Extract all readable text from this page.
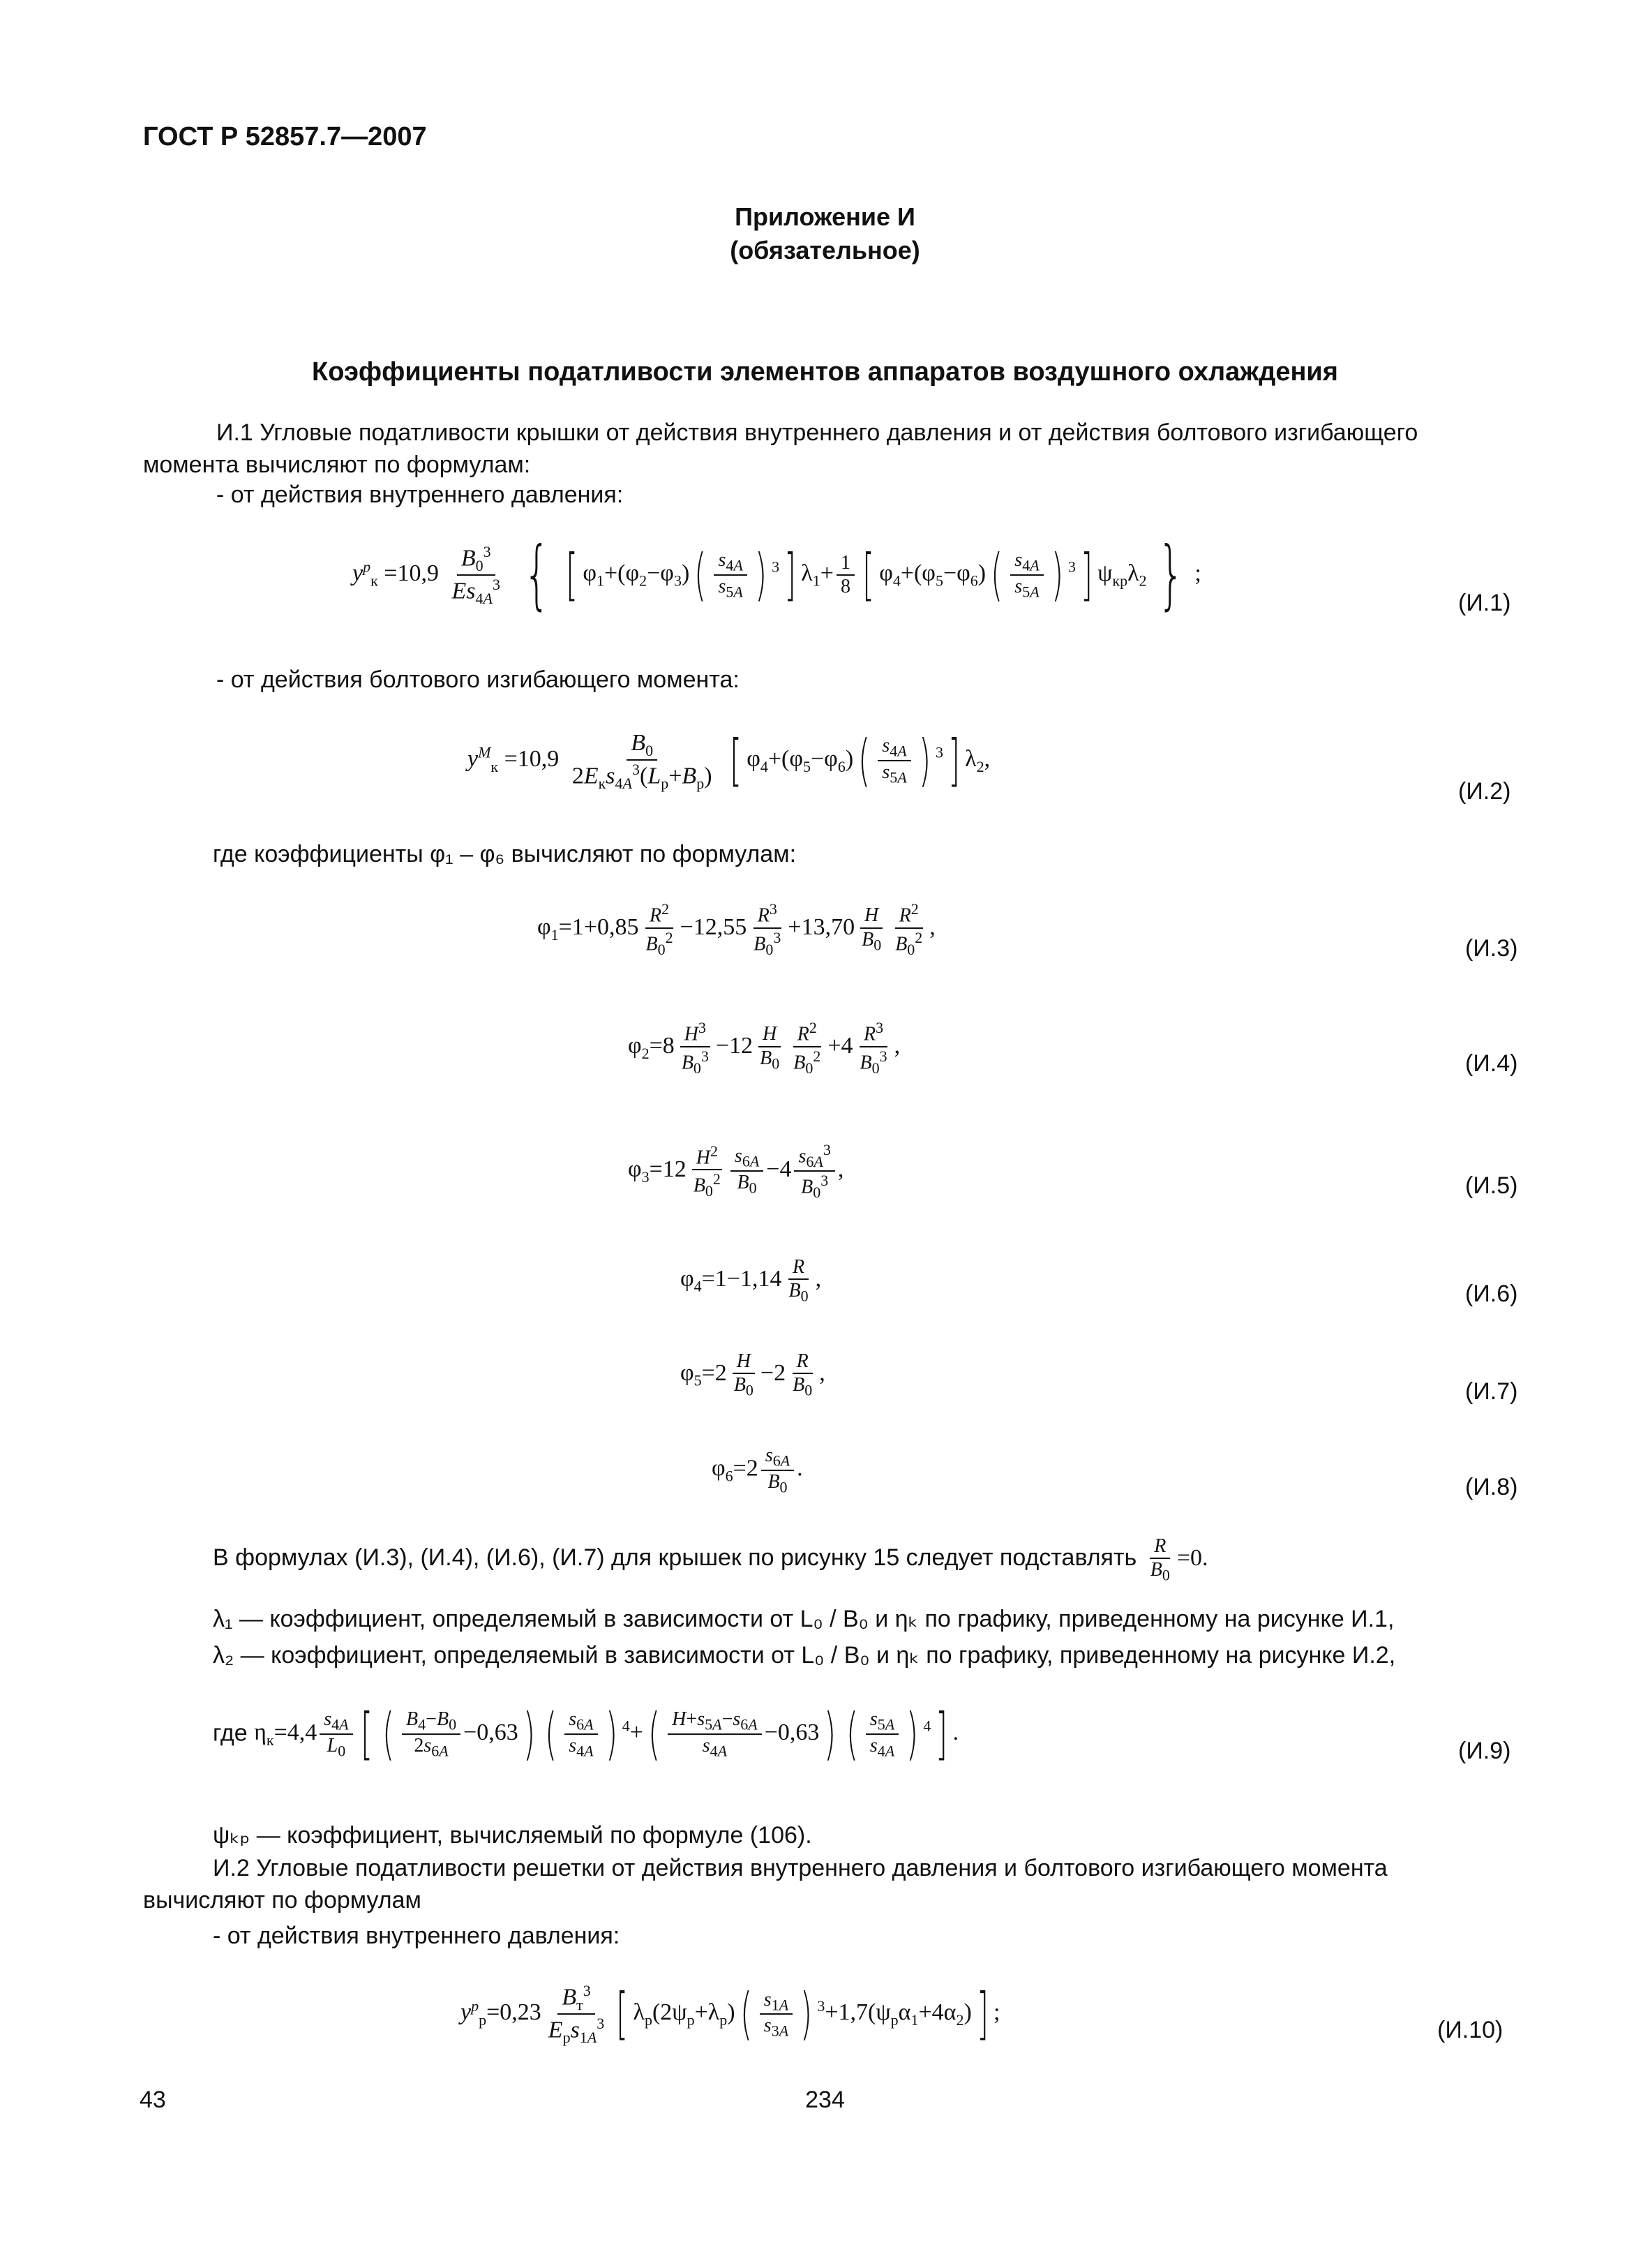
ГОСТ Р 52857.7—2007
Приложение И
(обязательное)
Коэффициенты податливости элементов аппаратов воздушного охлаждения
И.1 Угловые податливости крышки от действия внутреннего давления и от действия болтового изгибающего момента вычисляют по формулам:
- от действия внутреннего давления:
$y^p_к =10,9 \frac{B_0^3}{Es_{4A}^3}$ { [ $\varphi_1+(\varphi_2-\varphi_3)( \frac{s_{4A}}{s_{5A}}$ ) $^3$] $\lambda_1+ \frac{1}{8}$ [ $\varphi_4+(\varphi_5-\varphi_6)( \frac{s_{4A}}{s_{5A}}$ ) $^3$] $\psi_{кр}\lambda_2$ } ;
(И.1)
- от действия болтового изгибающего момента:
$y^M_к =10,9 \frac{B_0}{2E_кs_{4A}^3(L_p+B_p)}$ [ $\varphi_4+(\varphi_5-\varphi_6)( \frac{s_{4A}}{s_{5A}}$ ) $^3$] $\lambda_2$,
(И.2)
где коэффициенты φ₁ – φ₆ вычисляют по формулам:
$\varphi_1=1+0,85 \frac{R^2}{B_0^2} -12,55 \frac{R^3}{B_0^3} +13,70 \frac{H}{B_0} \frac{R^2}{B_0^2}$ ,
(И.3)
$\varphi_2=8 \frac{H^3}{B_0^3} -12 \frac{H}{B_0} \frac{R^2}{B_0^2} +4 \frac{R^3}{B_0^3}$ ,
(И.4)
$\varphi_3=12 \frac{H^2}{B_0^2} \frac{s_{6A}}{B_0} -4 \frac{s_{6A}^3}{B_0^3}$ ,
(И.5)
$\varphi_4=1-1,14 \frac{R}{B_0}$ ,
(И.6)
$\varphi_5=2 \frac{H}{B_0} -2 \frac{R}{B_0}$ ,
(И.7)
$\varphi_6=2 \frac{s_{6A}}{B_0}$ .
(И.8)
В формулах (И.3), (И.4), (И.6), (И.7) для крышек по рисунку 15 следует подставлять $\frac{R}{B_0} =0$.
λ₁ — коэффициент, определяемый в зависимости от L₀ / B₀ и ηₖ по графику, приведенному на рисунке И.1,
λ₂ — коэффициент, определяемый в зависимости от L₀ / B₀ и ηₖ по графику, приведенному на рисунке И.2,
где $\eta_к=4,4 \frac{s_{4A}}{L_0}$ [ ( $\frac{B_4-B_0}{2s_{6A}} -0,63$) ( $\frac{s_{6A}}{s_{4A}}$ ) $^4+( \frac{H+s_{5A}-s_{6A}}{s_{4A}} -0,63)$ ( $\frac{s_{5A}}{s_{4A}}$ ) $^4$] .
(И.9)
ψₖₚ — коэффициент, вычисляемый по формуле (106).
И.2 Угловые податливости решетки от действия внутреннего давления и болтового изгибающего момента вычисляют по формулам
- от действия внутреннего давления:
$y^p_p=0,23 \frac{B_т^3}{E_ps_{1A}^3}$ [ $\lambda_p(2\psi_p+\lambda_p)( \frac{s_{1A}}{s_{3A}}$ ) $^3+1,7(\psi_p\alpha_1+4\alpha_2)$] ;
(И.10)
43	234
